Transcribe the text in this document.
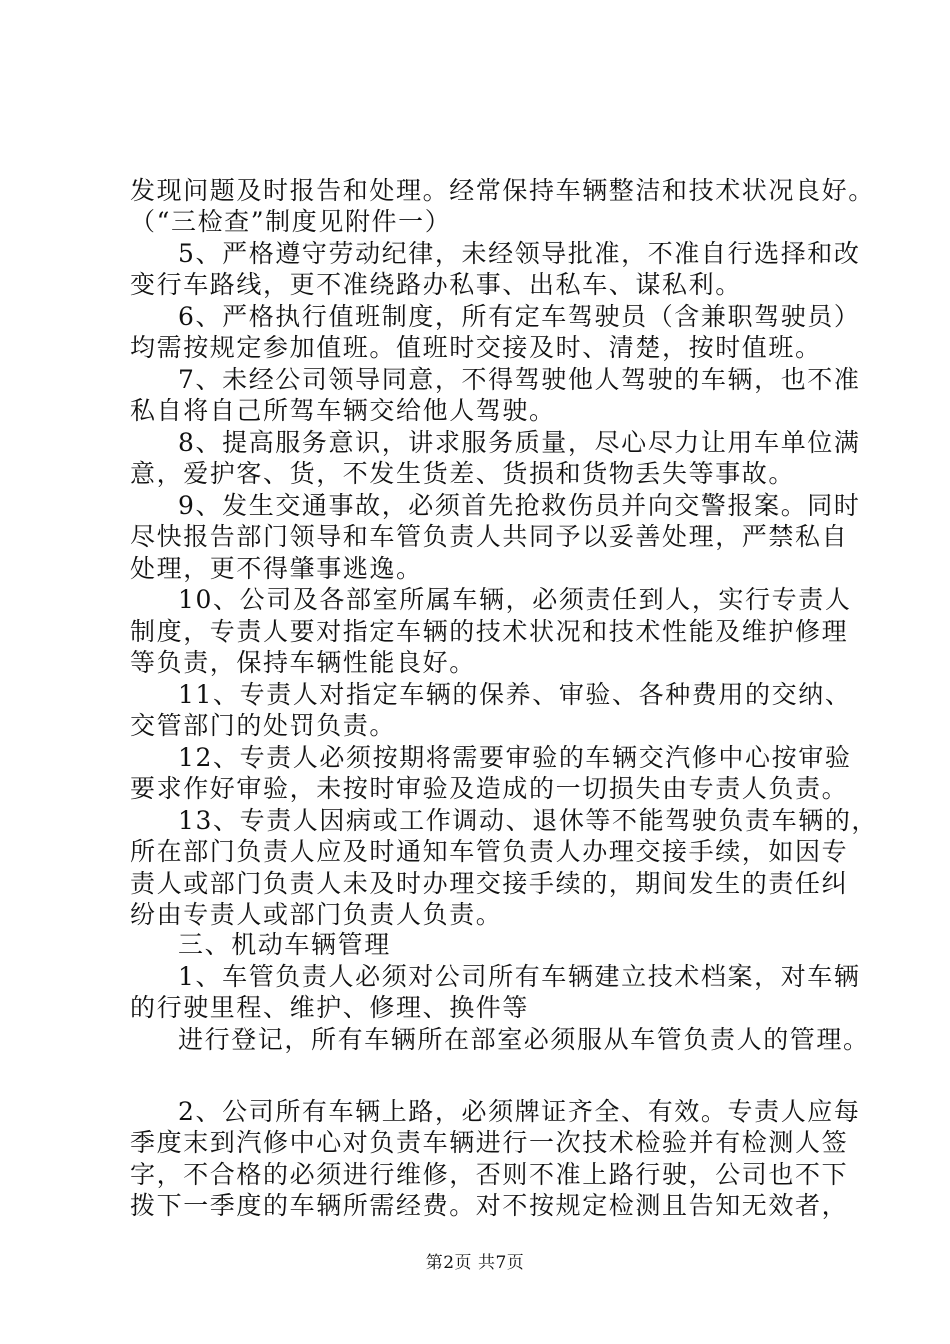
发现问题及时报告和处理。经常保持车辆整洁和技术状况良好。
（“三检查”制度见附件一）
5、严格遵守劳动纪律，未经领导批准，不准自行选择和改
变行车路线，更不准绕路办私事、出私车、谋私利。
6、严格执行值班制度，所有定车驾驶员（含兼职驾驶员）
均需按规定参加值班。值班时交接及时、清楚，按时值班。
7、未经公司领导同意，不得驾驶他人驾驶的车辆，也不准
私自将自己所驾车辆交给他人驾驶。
8、提高服务意识，讲求服务质量，尽心尽力让用车单位满
意，爱护客、货，不发生货差、货损和货物丢失等事故。
9、发生交通事故，必须首先抢救伤员并向交警报案。同时
尽快报告部门领导和车管负责人共同予以妥善处理，严禁私自
处理，更不得肇事逃逸。
10、公司及各部室所属车辆，必须责任到人，实行专责人
制度，专责人要对指定车辆的技术状况和技术性能及维护修理
等负责，保持车辆性能良好。
11、专责人对指定车辆的保养、审验、各种费用的交纳、
交管部门的处罚负责。
12、专责人必须按期将需要审验的车辆交汽修中心按审验
要求作好审验，未按时审验及造成的一切损失由专责人负责。
13、专责人因病或工作调动、退休等不能驾驶负责车辆的，
所在部门负责人应及时通知车管负责人办理交接手续，如因专
责人或部门负责人未及时办理交接手续的，期间发生的责任纠
纷由专责人或部门负责人负责。
三、机动车辆管理
1、车管负责人必须对公司所有车辆建立技术档案，对车辆
的行驶里程、维护、修理、换件等
进行登记，所有车辆所在部室必须服从车管负责人的管理。
2、公司所有车辆上路，必须牌证齐全、有效。专责人应每
季度末到汽修中心对负责车辆进行一次技术检验并有检测人签
字，不合格的必须进行维修，否则不准上路行驶，公司也不下
拨下一季度的车辆所需经费。对不按规定检测且告知无效者，
第2页 共7页
